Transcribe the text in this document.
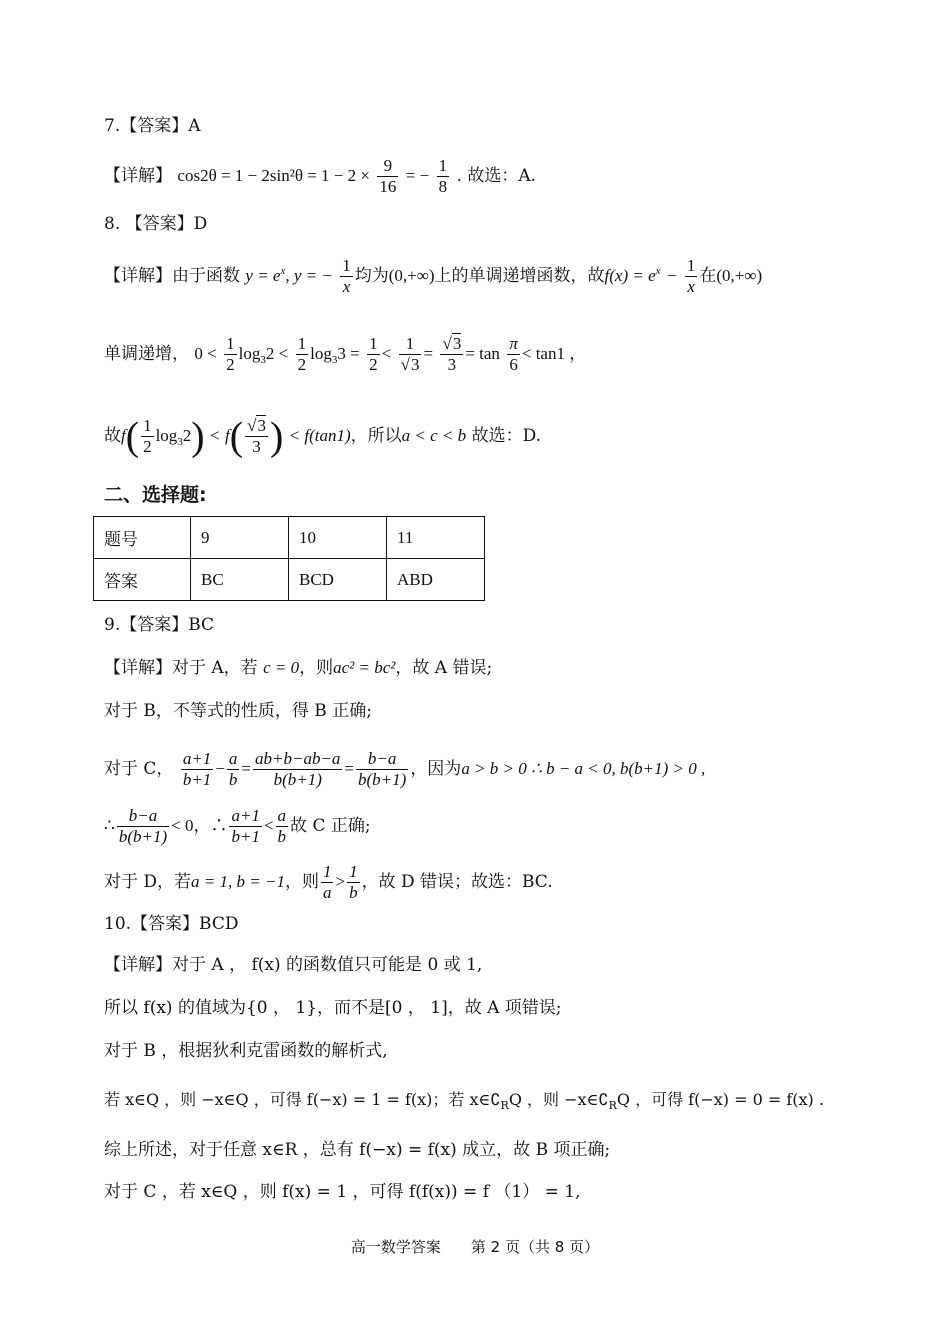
7.【答案】A
【详解】 $\cos 2\theta = 1 - 2\sin^2\theta = 1 - 2 \times \frac{9}{16}$ = − $\frac{1}{8}$ . 故选：A.
8. 【答案】D
【详解】由于函数 $y = e^x$, y = − $\frac{1}{x}$ 均为(0,+∞)上的单调递增函数，故$f(x) = e^x - \frac{1}{x}$ 在(0,+∞)
单调递增， $0 < \frac{1}{2} \log_32 < \frac{1}{2} \log_33 = \frac{1}{2} < \frac{1}{√3} = \frac{√3}{3} = \tan \frac{\pi}{6} < \tan 1$ ，
故$f( \frac{1}{2} \log_32) < f( \frac{√3}{3}$ ) < f(tan1)，所以a < c < b 故选：D.
二、选择题:
题号	9	10	11
答案	BC	BCD	ABD
9.【答案】BC
【详解】对于 A，若 c = 0，则ac² = bc²，故 A 错误;
对于 B，不等式的性质，得 B 正确;
对于 C， $\frac{a+1}{b+1} - \frac{a}{b} = \frac{ab+b-ab-a}{b(b+1)} = \frac{b-a}{b(b+1)}$ ，因为a > b > 0 ∴ b − a < 0, b(b+1) > 0 ,
∴ $\frac{b-a}{b(b+1)} < 0$，∴ $\frac{a+1}{b+1} < \frac{a}{b}$ 故 C 正确;
对于 D，若a = 1, b = −1，则 $\frac{1}{a} > \frac{1}{b}$ ，故 D 错误；故选：BC.
10.【答案】BCD
【详解】对于 A ， f(x) 的函数值只可能是 0 或 1,
所以 f(x) 的值域为{0 ， 1}，而不是[0 ， 1]，故 A 项错误;
对于 B ，根据狄利克雷函数的解析式,
若 x∈Q ，则 −x∈Q ，可得 f(−x) = 1 = f(x)；若 $x\in∁_RQ$ ，则 $-x\in∁_RQ$ ，可得 f(−x) = 0 = f(x) .
综上所述，对于任意 x∈R ，总有 f(−x) = f(x) 成立，故 B 项正确;
对于 C ，若 x∈Q ，则 f(x) = 1 ，可得 f(f(x)) = f （1） = 1,
高一数学答案　　第 2 页（共 8 页）
